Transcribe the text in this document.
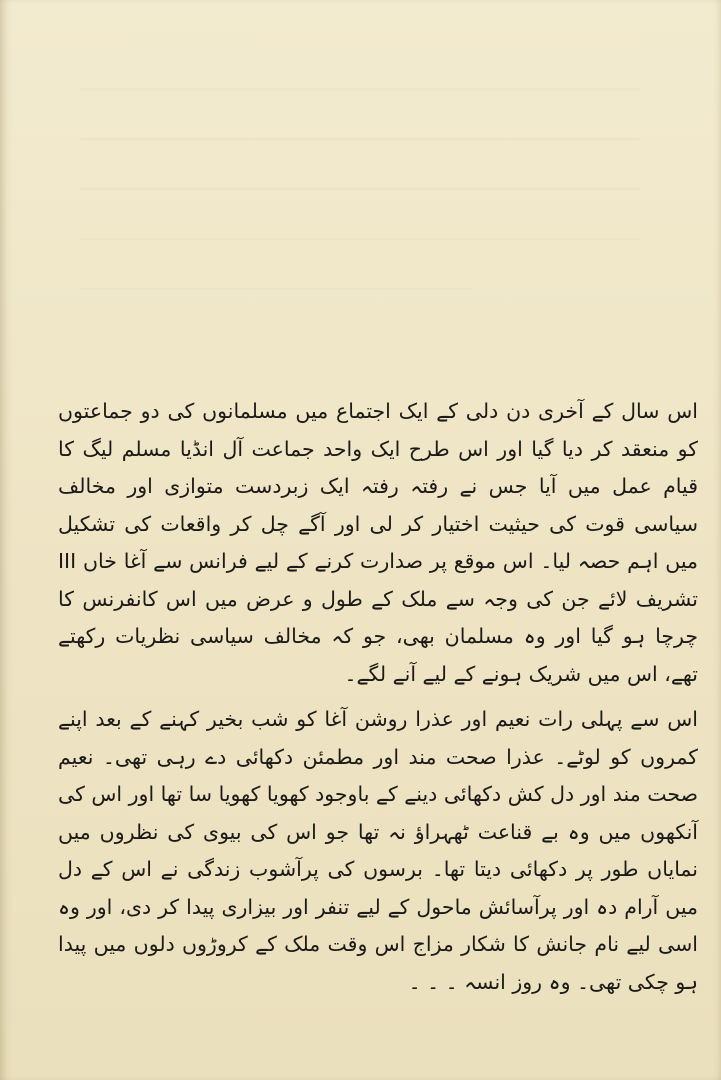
اس سال کے آخری دن دلی کے ایک اجتماع میں مسلمانوں کی دو جماعتوں کو منعقد کر دیا گیا اور اس طرح ایک واحد جماعت آل انڈیا مسلم لیگ کا قیام عمل میں آیا جس نے رفتہ رفتہ ایک زبردست متوازی اور مخالف سیاسی قوت کی حیثیت اختیار کر لی اور آگے چل کر واقعات کی تشکیل میں اہم حصہ لیا۔ اس موقع پر صدارت کرنے کے لیے فرانس سے آغا خاں III تشریف لائے جن کی وجہ سے ملک کے طول و عرض میں اس کانفرنس کا چرچا ہو گیا اور وہ مسلمان بھی، جو کہ مخالف سیاسی نظریات رکھتے تھے، اس میں شریک ہونے کے لیے آنے لگے۔

اس سے پہلی رات نعیم اور عذرا روشن آغا کو شب بخیر کہنے کے بعد اپنے کمروں کو لوٹے۔ عذرا صحت مند اور مطمئن دکھائی دے رہی تھی۔ نعیم صحت مند اور دل کش دکھائی دینے کے باوجود کھویا کھویا سا تھا اور اس کی آنکھوں میں وہ بے قناعت ٹھہراؤ نہ تھا جو اس کی بیوی کی نظروں میں نمایاں طور پر دکھائی دیتا تھا۔ برسوں کی پرآشوب زندگی نے اس کے دل میں آرام دہ اور پرآسائش ماحول کے لیے تنفر اور بیزاری پیدا کر دی، اور وہ اسی لیے نام جانش کا شکار مزاج اس وقت ملک کے کروڑوں دلوں میں پیدا ہو چکی تھی۔ وہ روز انسہ ۔ ۔ ۔
